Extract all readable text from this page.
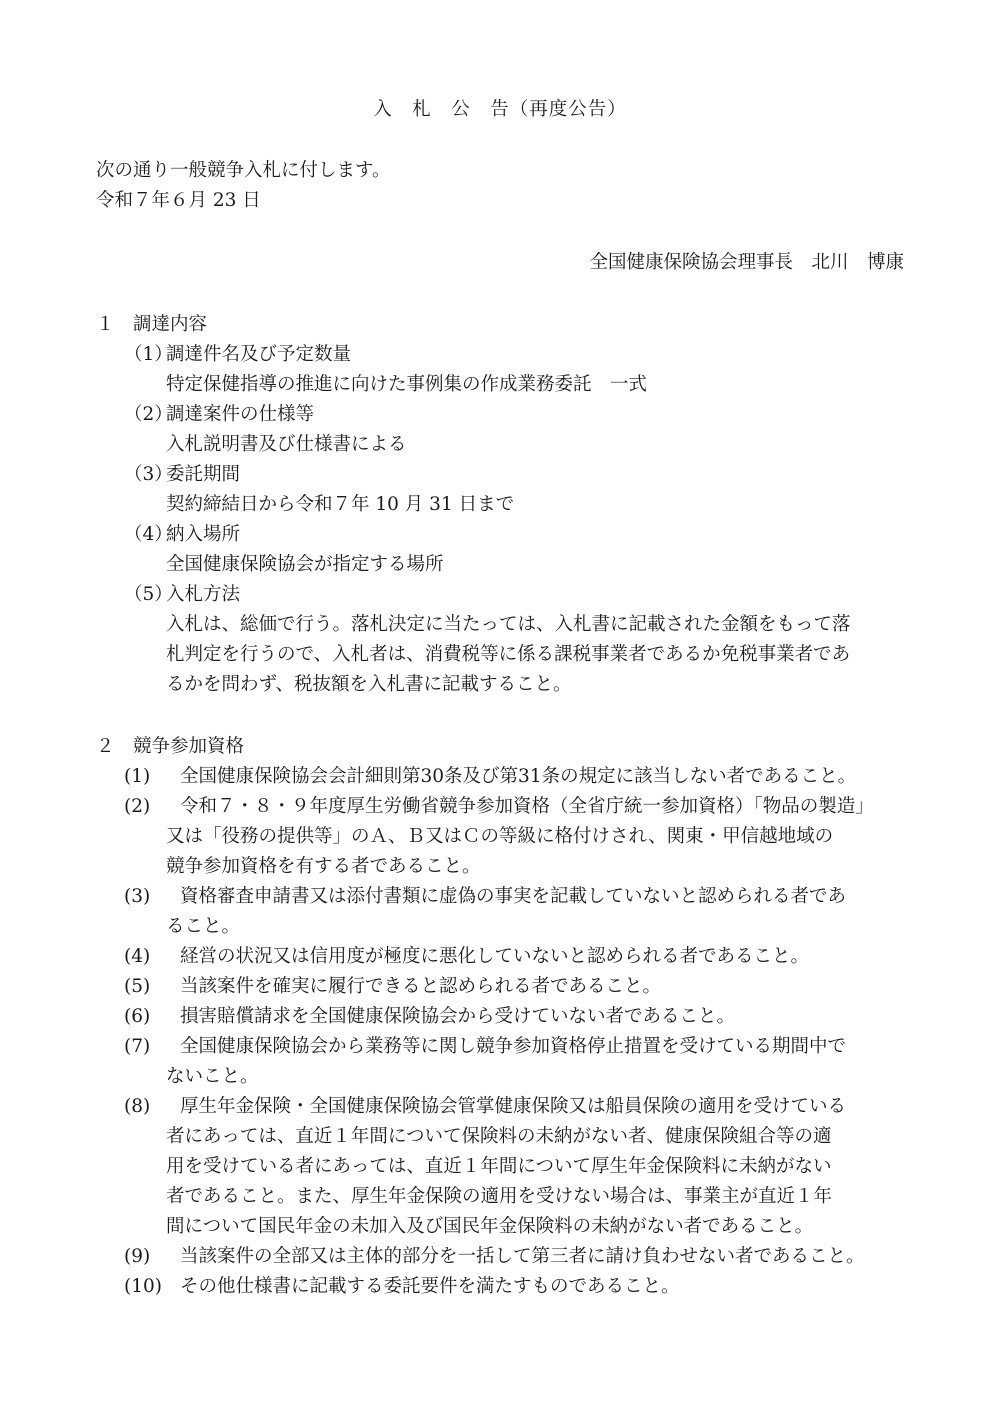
入　札　公　告（再度公告）
次の通り一般競争入札に付します。
令和７年６月 23 日
全国健康保険協会理事長　北川　博康
１　調達内容
（1）
調達件名及び予定数量
特定保健指導の推進に向けた事例集の作成業務委託　一式
（2）
調達案件の仕様等
入札説明書及び仕様書による
（3）
委託期間
契約締結日から令和７年 10 月 31 日まで
（4）
納入場所
全国健康保険協会が指定する場所
（5）
入札方法
入札は、総価で行う。落札決定に当たっては、入札書に記載された金額をもって落
札判定を行うので、入札者は、消費税等に係る課税事業者であるか免税事業者であ
るかを問わず、税抜額を入札書に記載すること。
２　競争参加資格
(1) 全国健康保険協会会計細則第30条及び第31条の規定に該当しない者であること。
(2) 令和７・８・９年度厚生労働省競争参加資格（全省庁統一参加資格）「物品の製造」
又は「役務の提供等」のＡ、Ｂ又はＣの等級に格付けされ、関東・甲信越地域の
競争参加資格を有する者であること。
(3) 資格審査申請書又は添付書類に虚偽の事実を記載していないと認められる者であ
ること。
(4) 経営の状況又は信用度が極度に悪化していないと認められる者であること。
(5) 当該案件を確実に履行できると認められる者であること。
(6) 損害賠償請求を全国健康保険協会から受けていない者であること。
(7) 全国健康保険協会から業務等に関し競争参加資格停止措置を受けている期間中で
ないこと。
(8) 厚生年金保険・全国健康保険協会管掌健康保険又は船員保険の適用を受けている
者にあっては、直近１年間について保険料の未納がない者、健康保険組合等の適
用を受けている者にあっては、直近１年間について厚生年金保険料に未納がない
者であること。また、厚生年金保険の適用を受けない場合は、事業主が直近１年
間について国民年金の未加入及び国民年金保険料の未納がない者であること。
(9) 当該案件の全部又は主体的部分を一括して第三者に請け負わせない者であること。
(10) その他仕様書に記載する委託要件を満たすものであること。
